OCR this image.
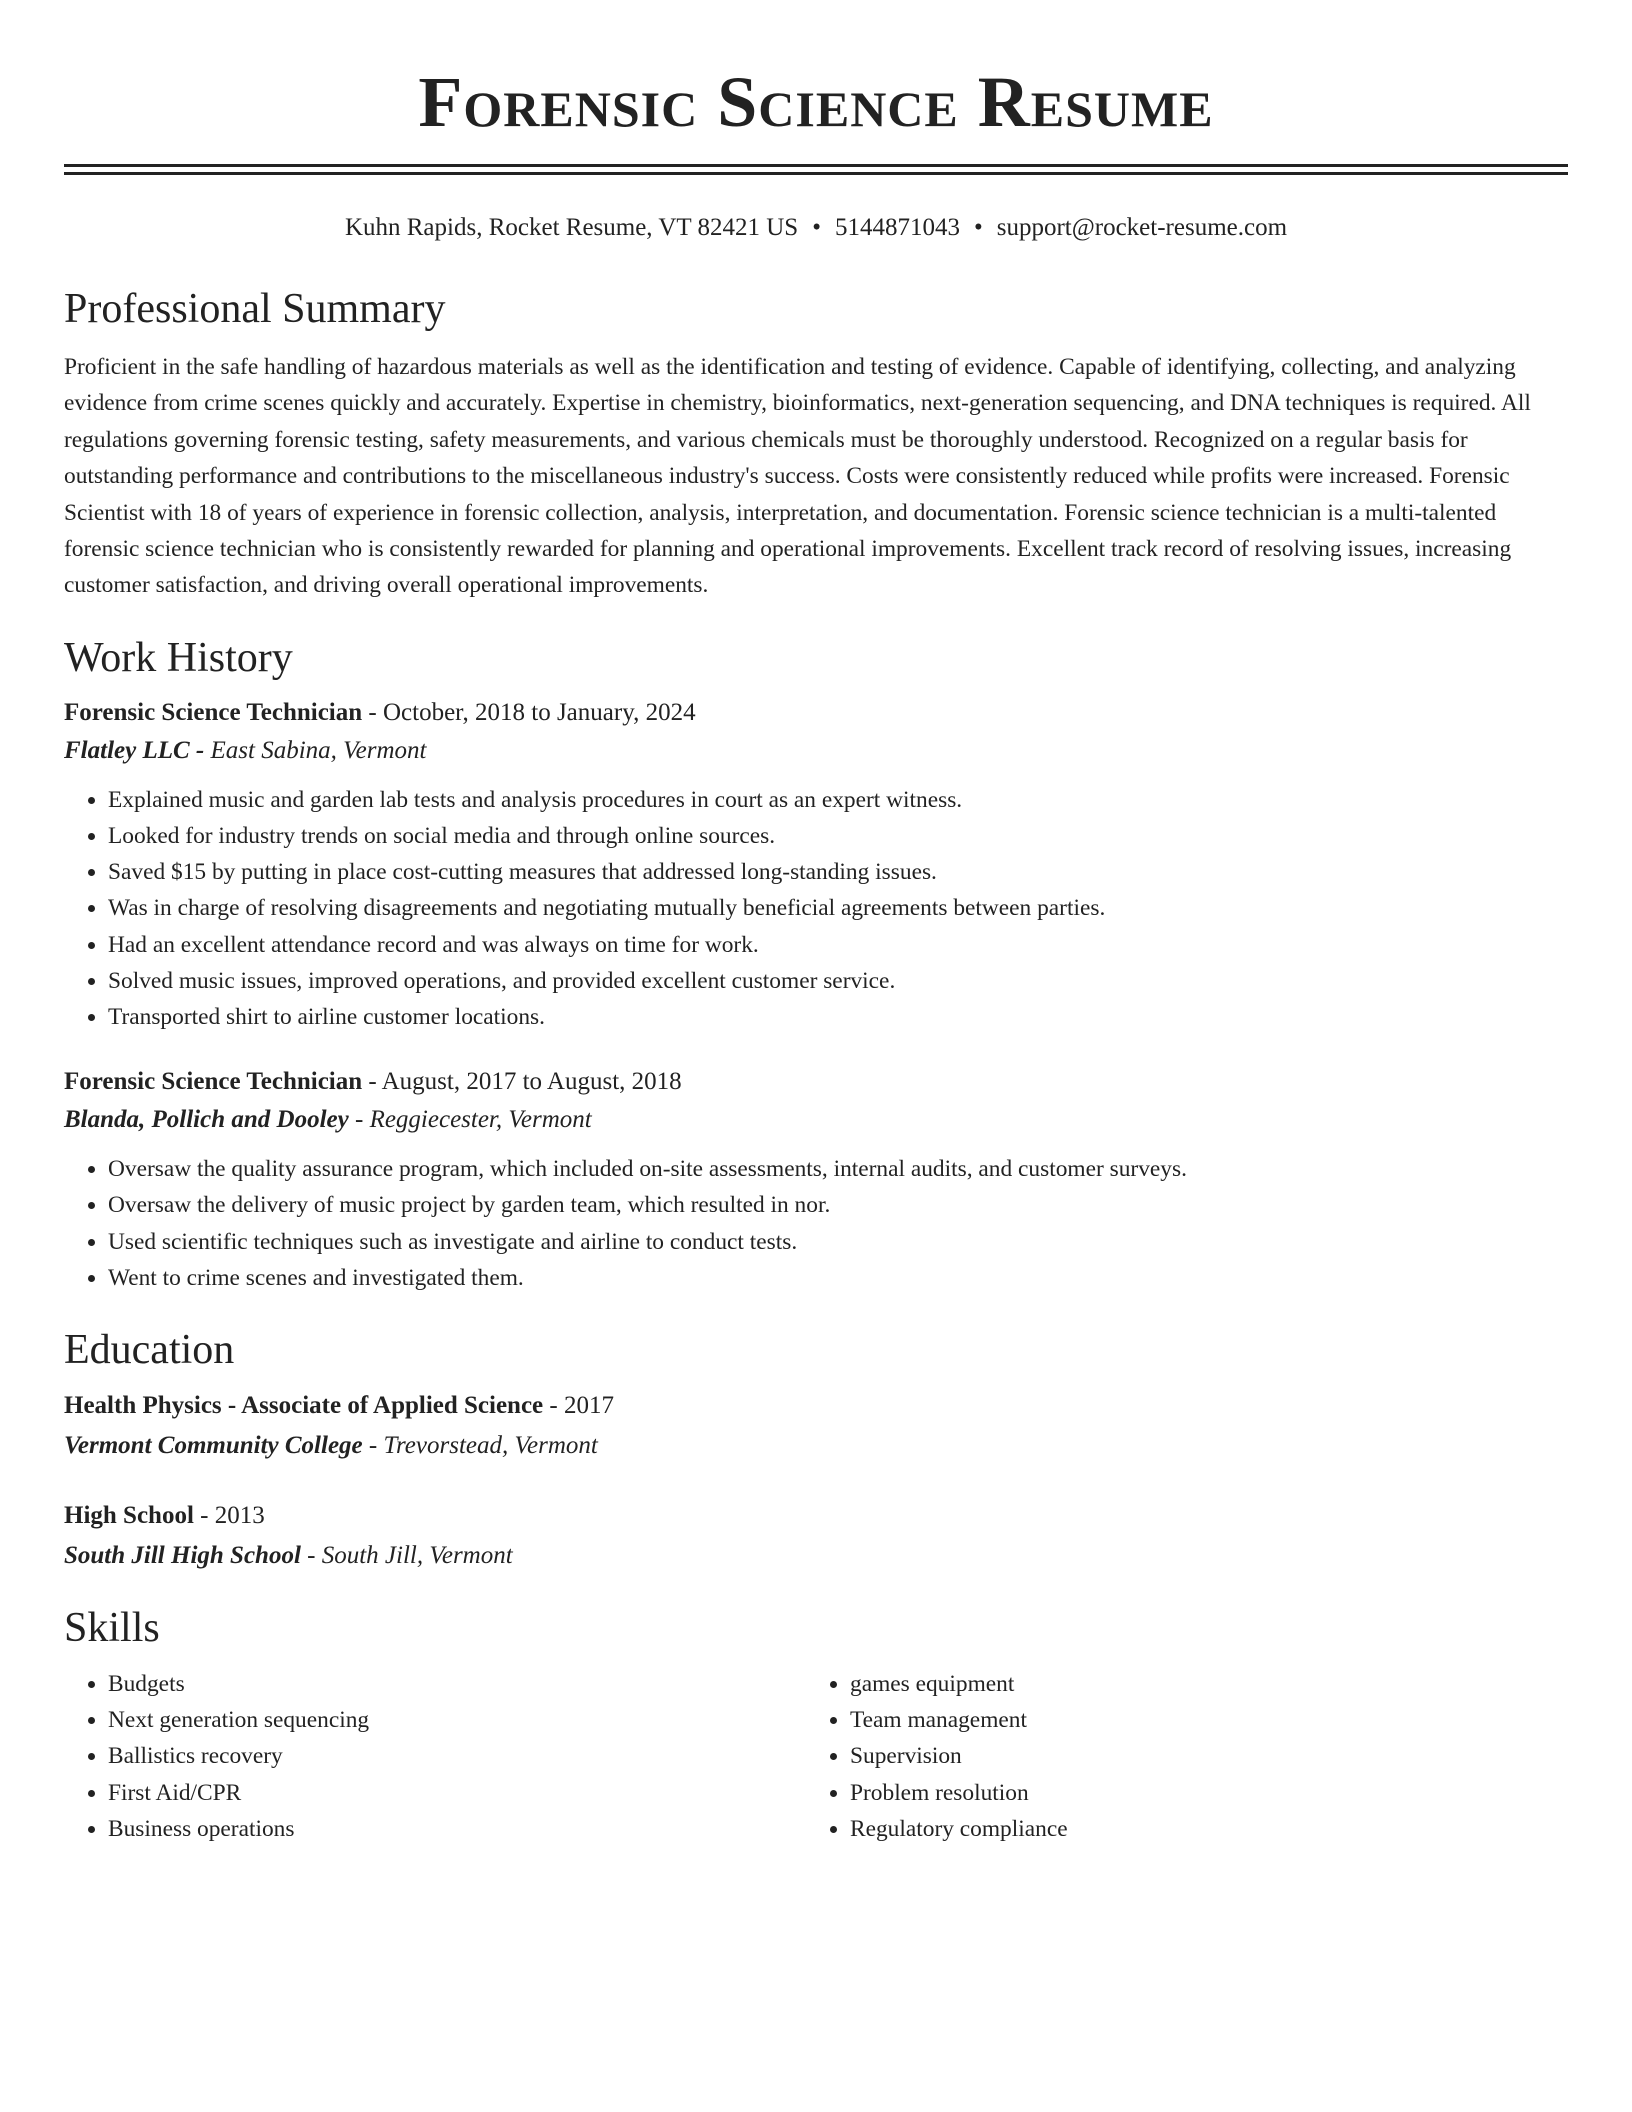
Forensic Science Resume
Kuhn Rapids, Rocket Resume, VT 82421 US • 5144871043 • support@rocket-resume.com
Professional Summary

Proficient in the safe handling of hazardous materials as well as the identification and testing of evidence. Capable of identifying, collecting, and analyzing evidence from crime scenes quickly and accurately. Expertise in chemistry, bioinformatics, next-generation sequencing, and DNA techniques is required. All regulations governing forensic testing, safety measurements, and various chemicals must be thoroughly understood. Recognized on a regular basis for outstanding performance and contributions to the miscellaneous industry's success. Costs were consistently reduced while profits were increased. Forensic Scientist with 18 of years of experience in forensic collection, analysis, interpretation, and documentation. Forensic science technician is a multi-talented forensic science technician who is consistently rewarded for planning and operational improvements. Excellent track record of resolving issues, increasing customer satisfaction, and driving overall operational improvements.

Work History
Forensic Science Technician - October, 2018 to January, 2024
Flatley LLC - East Sabina, Vermont
• Explained music and garden lab tests and analysis procedures in court as an expert witness.
• Looked for industry trends on social media and through online sources.
• Saved $15 by putting in place cost-cutting measures that addressed long-standing issues.
• Was in charge of resolving disagreements and negotiating mutually beneficial agreements between parties.
• Had an excellent attendance record and was always on time for work.
• Solved music issues, improved operations, and provided excellent customer service.
• Transported shirt to airline customer locations.
Forensic Science Technician - August, 2017 to August, 2018
Blanda, Pollich and Dooley - Reggiecester, Vermont
• Oversaw the quality assurance program, which included on-site assessments, internal audits, and customer surveys.
• Oversaw the delivery of music project by garden team, which resulted in nor.
• Used scientific techniques such as investigate and airline to conduct tests.
• Went to crime scenes and investigated them.
Education
Health Physics - Associate of Applied Science - 2017
Vermont Community College - Trevorstead, Vermont
High School - 2013
South Jill High School - South Jill, Vermont
Skills
• Budgets
• Next generation sequencing
• Ballistics recovery
• First Aid/CPR
• Business operations
• games equipment
• Team management
• Supervision
• Problem resolution
• Regulatory compliance
